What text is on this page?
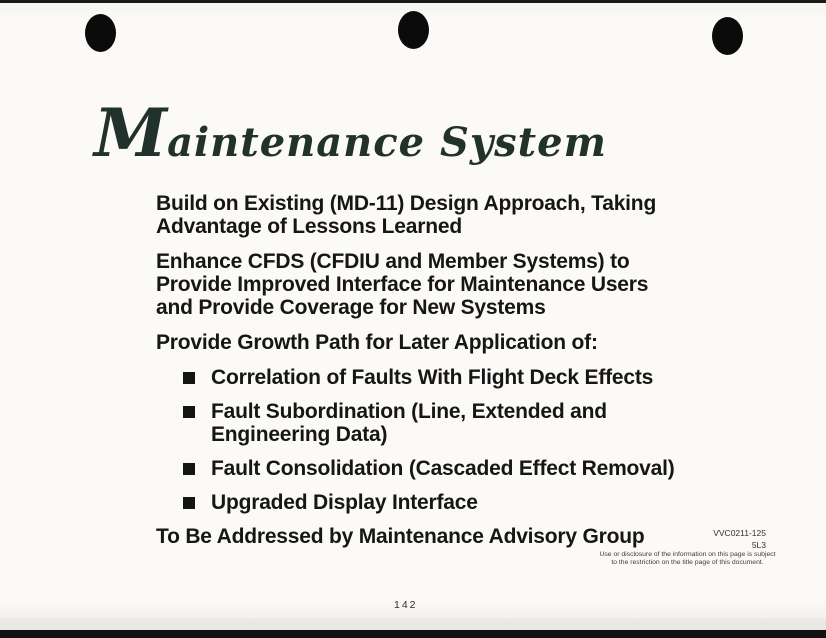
M aintenance System
Build on Existing (MD-11) Design Approach, Taking
Advantage of Lessons Learned
Enhance CFDS (CFDIU and Member Systems) to
Provide Improved Interface for Maintenance Users
and Provide Coverage for New Systems
Provide Growth Path for Later Application of:
Correlation of Faults With Flight Deck Effects
Fault Subordination (Line, Extended and
Engineering Data)
Fault Consolidation (Cascaded Effect Removal)
Upgraded Display Interface
To Be Addressed by Maintenance Advisory Group	VVC0211-125
5L3
Use or disclosure of the information on this page is subject
to the restriction on the title page of this document.
142
